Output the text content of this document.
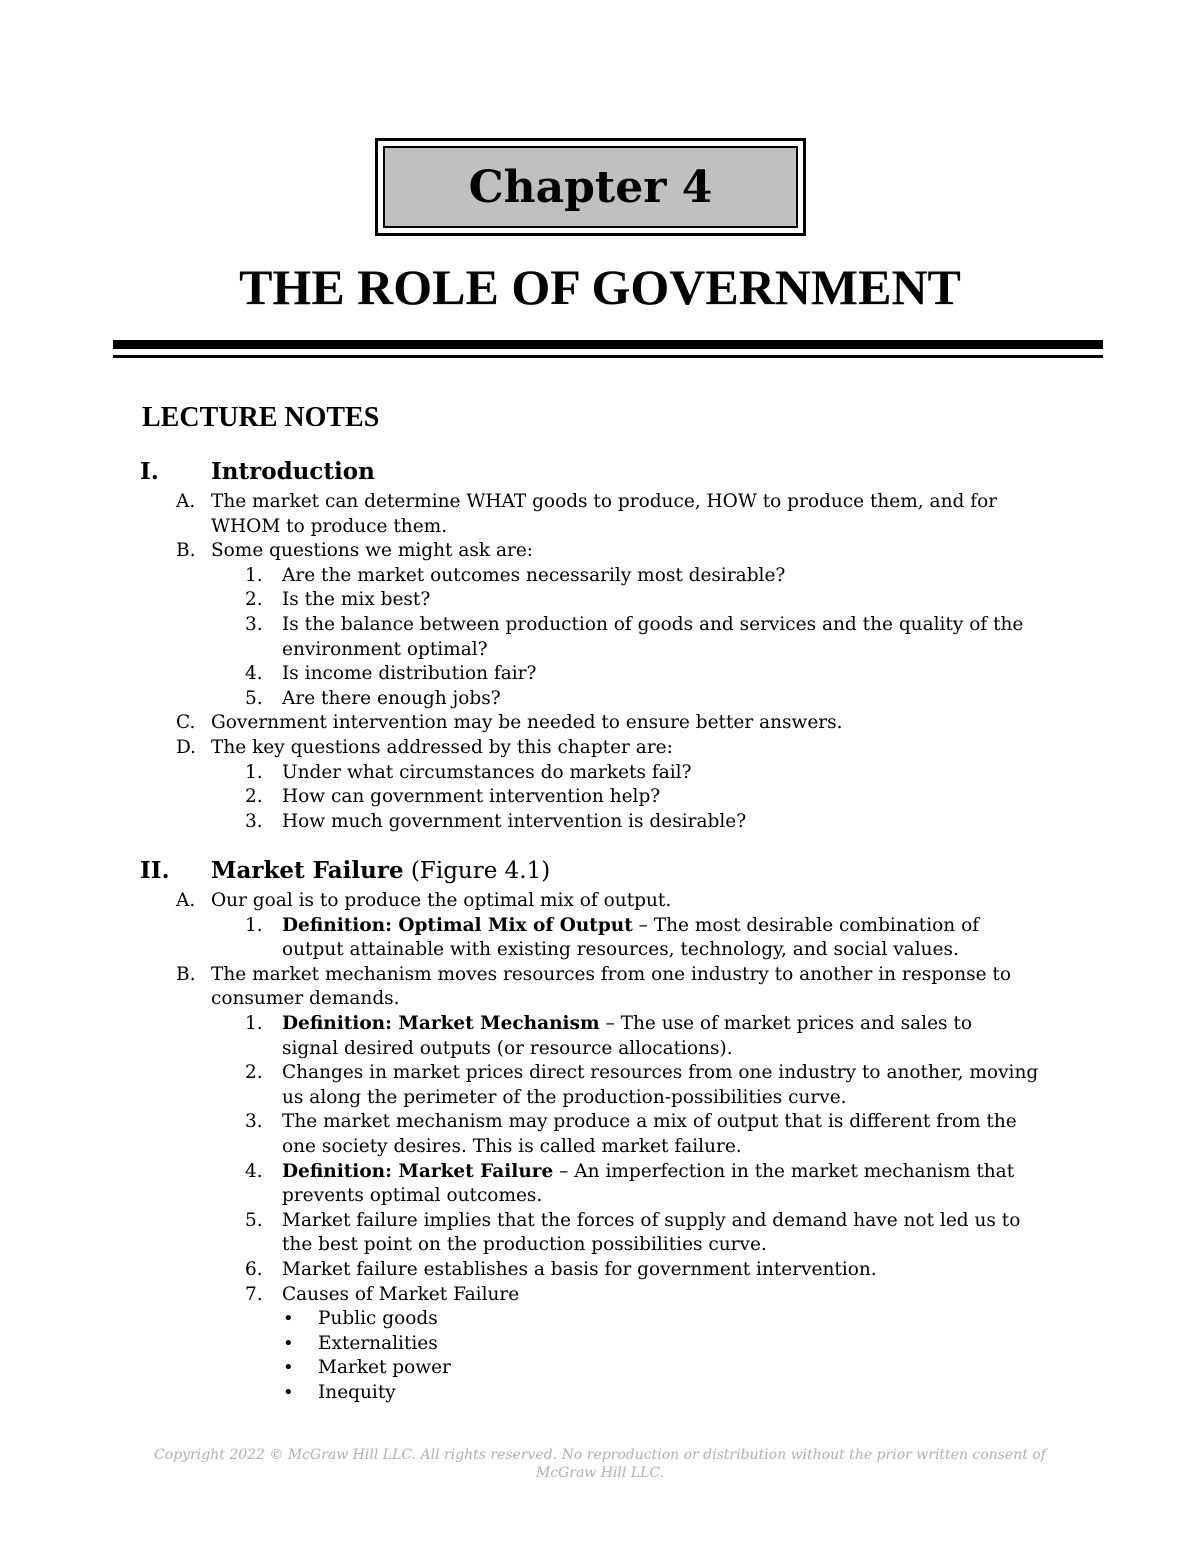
Chapter 4
THE ROLE OF GOVERNMENT
LECTURE NOTES
I. Introduction
A. The market can determine WHAT goods to produce, HOW to produce them, and for
WHOM to produce them.
B. Some questions we might ask are:
1. Are the market outcomes necessarily most desirable?
2. Is the mix best?
3. Is the balance between production of goods and services and the quality of the
environment optimal?
4. Is income distribution fair?
5. Are there enough jobs?
C. Government intervention may be needed to ensure better answers.
D. The key questions addressed by this chapter are:
1. Under what circumstances do markets fail?
2. How can government intervention help?
3. How much government intervention is desirable?
II. Market Failure (Figure 4.1)
A. Our goal is to produce the optimal mix of output.
1. Definition: Optimal Mix of Output – The most desirable combination of
output attainable with existing resources, technology, and social values.
B. The market mechanism moves resources from one industry to another in response to
consumer demands.
1. Definition: Market Mechanism – The use of market prices and sales to
signal desired outputs (or resource allocations).
2. Changes in market prices direct resources from one industry to another, moving
us along the perimeter of the production-possibilities curve.
3. The market mechanism may produce a mix of output that is different from the
one society desires. This is called market failure.
4. Definition: Market Failure – An imperfection in the market mechanism that
prevents optimal outcomes.
5. Market failure implies that the forces of supply and demand have not led us to
the best point on the production possibilities curve.
6. Market failure establishes a basis for government intervention.
7. Causes of Market Failure
• Public goods
• Externalities
• Market power
• Inequity
Copyright 2022 © McGraw Hill LLC. All rights reserved. No reproduction or distribution without the prior written consent of
McGraw Hill LLC.
